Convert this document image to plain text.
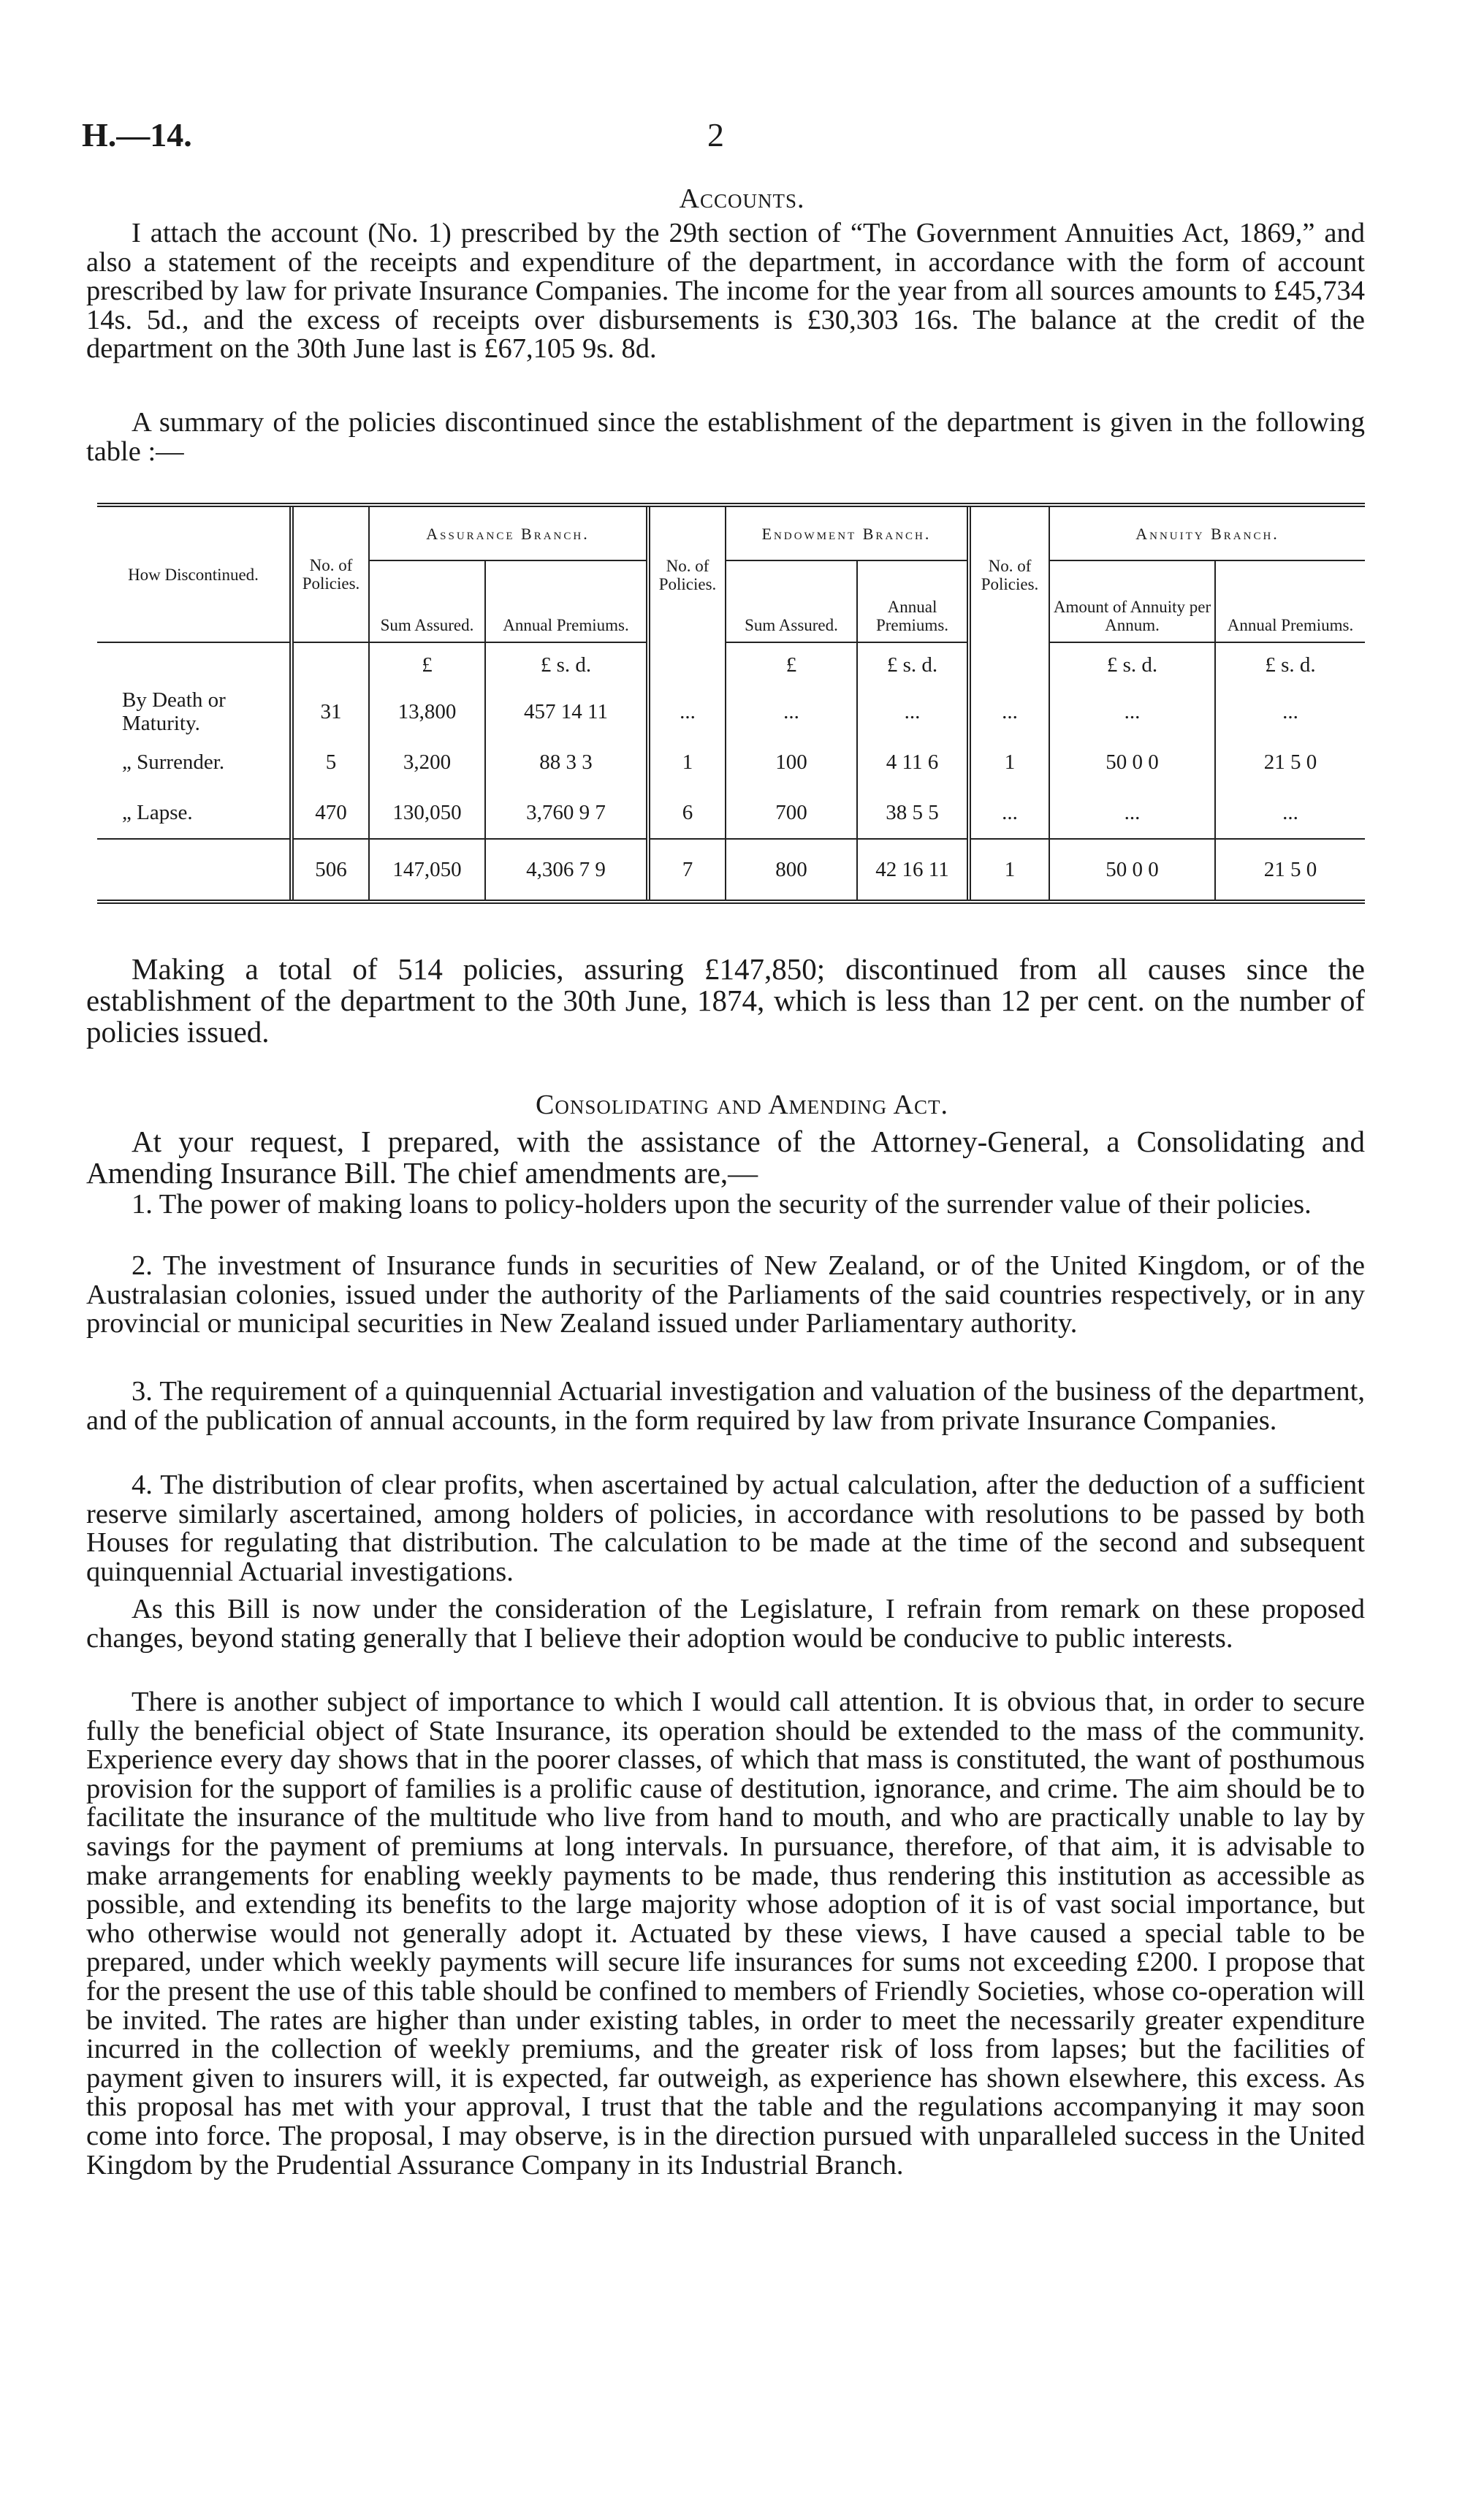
H.—14.	2
Accounts.

I attach the account (No. 1) prescribed by the 29th section of “The Government Annuities Act, 1869,” and also a statement of the receipts and expenditure of the department, in accordance with the form of account prescribed by law for private Insurance Companies. The income for the year from all sources amounts to £45,734 14s. 5d., and the excess of receipts over disbursements is £30,303 16s. The balance at the credit of the department on the 30th June last is £67,105 9s. 8d.

A summary of the policies discontinued since the establishment of the department is given in the following table :—

How Discontinued.	No. of Policies.	Assurance Branch.		No. of Policies.	Endowment Branch.		No. of Policies.	Annuity Branch.	
		Sum Assured.	Annual Premiums.		Sum Assured.	Annual Premiums.		Amount of Annuity per Annum.	Annual Premiums.
		£	£ s. d.		£	£ s. d.		£ s. d.	£ s. d.
By Death or Maturity.	31	13,800	457 14 11	...	...	...	...	...	...
„ Surrender.	5	3,200	88 3 3	1	100	4 11 6	1	50 0 0	21 5 0
„ Lapse.	470	130,050	3,760 9 7	6	700	38 5 5	...	...	...
	506	147,050	4,306 7 9	7	800	42 16 11	1	50 0 0	21 5 0

Making a total of 514 policies, assuring £147,850; discontinued from all causes since the establishment of the department to the 30th June, 1874, which is less than 12 per cent. on the number of policies issued.

Consolidating and Amending Act.

At your request, I prepared, with the assistance of the Attorney-General, a Consolidating and Amending Insurance Bill. The chief amendments are,—

1. The power of making loans to policy-holders upon the security of the surrender value of their policies.

2. The investment of Insurance funds in securities of New Zealand, or of the United Kingdom, or of the Australasian colonies, issued under the authority of the Parliaments of the said countries respectively, or in any provincial or municipal securities in New Zealand issued under Parliamentary authority.

3. The requirement of a quinquennial Actuarial investigation and valuation of the business of the department, and of the publication of annual accounts, in the form required by law from private Insurance Companies.

4. The distribution of clear profits, when ascertained by actual calculation, after the deduction of a sufficient reserve similarly ascertained, among holders of policies, in accordance with resolutions to be passed by both Houses for regulating that distribution. The calculation to be made at the time of the second and subsequent quinquennial Actuarial investigations.

As this Bill is now under the consideration of the Legislature, I refrain from remark on these proposed changes, beyond stating generally that I believe their adoption would be conducive to public interests.

There is another subject of importance to which I would call attention. It is obvious that, in order to secure fully the beneficial object of State Insurance, its operation should be extended to the mass of the community. Experience every day shows that in the poorer classes, of which that mass is constituted, the want of posthumous provision for the support of families is a prolific cause of destitution, ignorance, and crime. The aim should be to facilitate the insurance of the multitude who live from hand to mouth, and who are practically unable to lay by savings for the payment of premiums at long intervals. In pursuance, therefore, of that aim, it is advisable to make arrangements for enabling weekly payments to be made, thus rendering this institution as accessible as possible, and extending its benefits to the large majority whose adoption of it is of vast social importance, but who otherwise would not generally adopt it. Actuated by these views, I have caused a special table to be prepared, under which weekly payments will secure life insurances for sums not exceeding £200. I propose that for the present the use of this table should be confined to members of Friendly Societies, whose co-operation will be invited. The rates are higher than under existing tables, in order to meet the necessarily greater expenditure incurred in the collection of weekly premiums, and the greater risk of loss from lapses; but the facilities of payment given to insurers will, it is expected, far outweigh, as experience has shown elsewhere, this excess. As this proposal has met with your approval, I trust that the table and the regulations accompanying it may soon come into force. The proposal, I may observe, is in the direction pursued with unparalleled success in the United Kingdom by the Prudential Assurance Company in its Industrial Branch.
